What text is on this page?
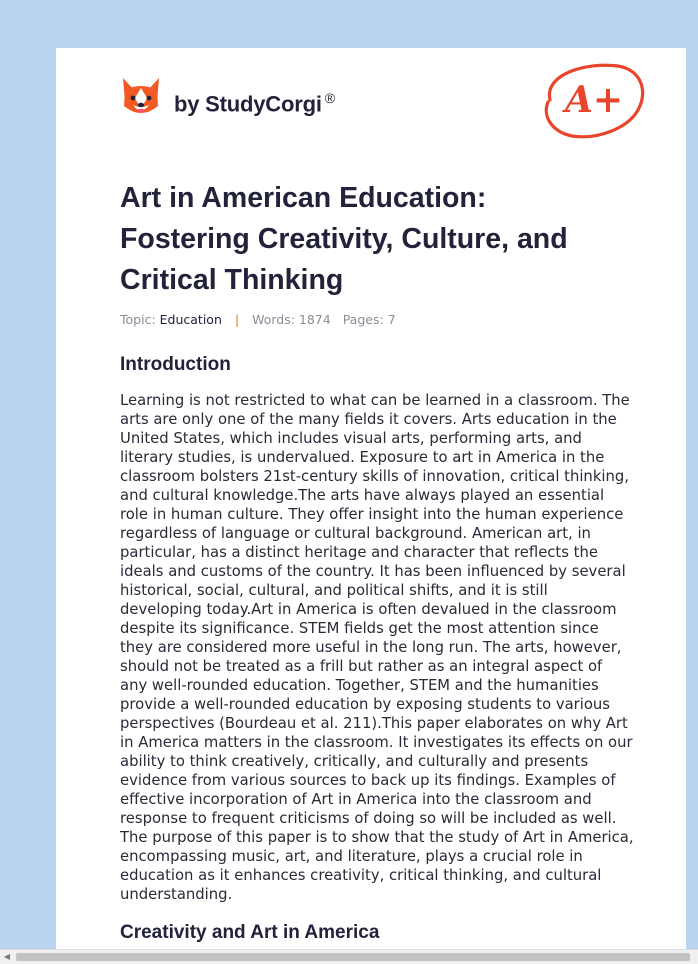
by StudyCorgi ®	A+
Art in American Education: Fostering Creativity, Culture, and Critical Thinking
Topic: Education | Words: 1874 Pages: 7
Introduction

Learning is not restricted to what can be learned in a classroom. The arts are only one of the many fields it covers. Arts education in the United States, which includes visual arts, performing arts, and literary studies, is undervalued. Exposure to art in America in the classroom bolsters 21st-century skills of innovation, critical thinking, and cultural knowledge.The arts have always played an essential role in human culture. They offer insight into the human experience regardless of language or cultural background. American art, in particular, has a distinct heritage and character that reflects the ideals and customs of the country. It has been influenced by several historical, social, cultural, and political shifts, and it is still developing today.Art in America is often devalued in the classroom despite its significance. STEM fields get the most attention since they are considered more useful in the long run. The arts, however, should not be treated as a frill but rather as an integral aspect of any well-rounded education. Together, STEM and the humanities provide a well-rounded education by exposing students to various perspectives (Bourdeau et al. 211).This paper elaborates on why Art in America matters in the classroom. It investigates its effects on our ability to think creatively, critically, and culturally and presents evidence from various sources to back up its findings. Examples of effective incorporation of Art in America into the classroom and response to frequent criticisms of doing so will be included as well. The purpose of this paper is to show that the study of Art in America, encompassing music, art, and literature, plays a crucial role in education as it enhances creativity, critical thinking, and cultural understanding.

Creativity and Art in America
◀
